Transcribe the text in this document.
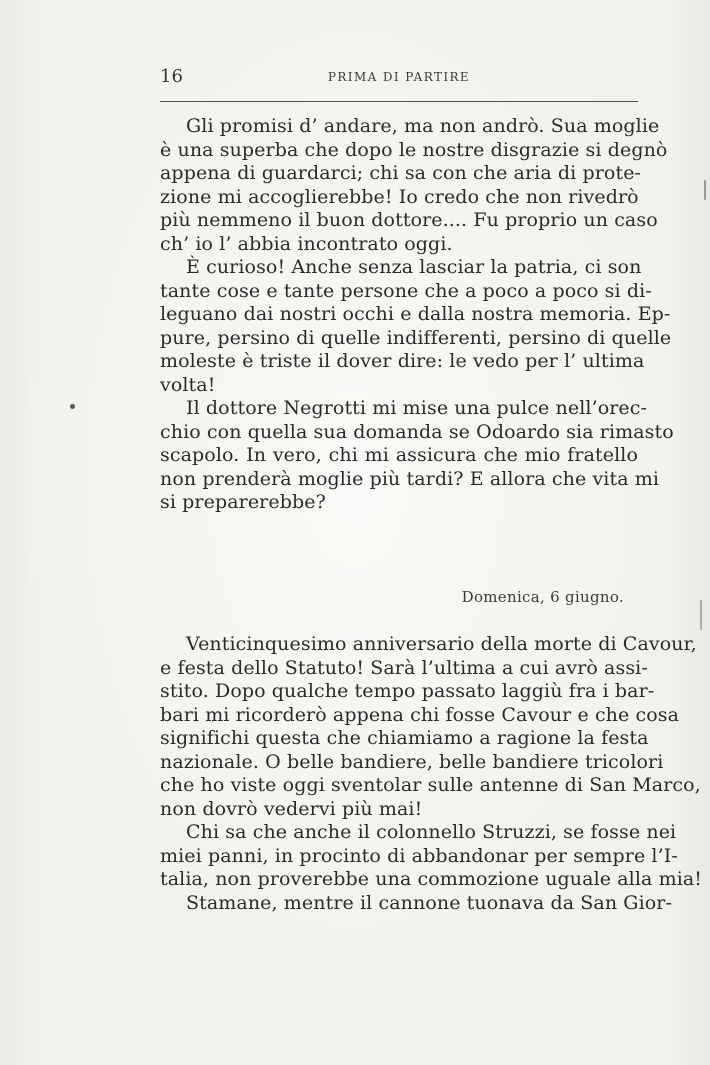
16	PRIMA DI PARTIRE
Gli promisi d’ andare, ma non andrò. Sua moglie
è una superba che dopo le nostre disgrazie si degnò
appena di guardarci; chi sa con che aria di prote-
zione mi accoglierebbe! Io credo che non rivedrò
più nemmeno il buon dottore.... Fu proprio un caso
ch’ io l’ abbia incontrato oggi.
È curioso! Anche senza lasciar la patria, ci son
tante cose e tante persone che a poco a poco si di-
leguano dai nostri occhi e dalla nostra memoria. Ep-
pure, persino di quelle indifferenti, persino di quelle
moleste è triste il dover dire: le vedo per l’ ultima
volta!
Il dottore Negrotti mi mise una pulce nell’orec-
chio con quella sua domanda se Odoardo sia rimasto
scapolo. In vero, chi mi assicura che mio fratello
non prenderà moglie più tardi? E allora che vita mi
si preparerebbe?
Domenica, 6 giugno.
Venticinquesimo anniversario della morte di Cavour,
e festa dello Statuto! Sarà l’ultima a cui avrò assi-
stito. Dopo qualche tempo passato laggiù fra i bar-
bari mi ricorderò appena chi fosse Cavour e che cosa
significhi questa che chiamiamo a ragione la festa
nazionale. O belle bandiere, belle bandiere tricolori
che ho viste oggi sventolar sulle antenne di San Marco,
non dovrò vedervi più mai!
Chi sa che anche il colonnello Struzzi, se fosse nei
miei panni, in procinto di abbandonar per sempre l’I-
talia, non proverebbe una commozione uguale alla mia!
Stamane, mentre il cannone tuonava da San Gior-
